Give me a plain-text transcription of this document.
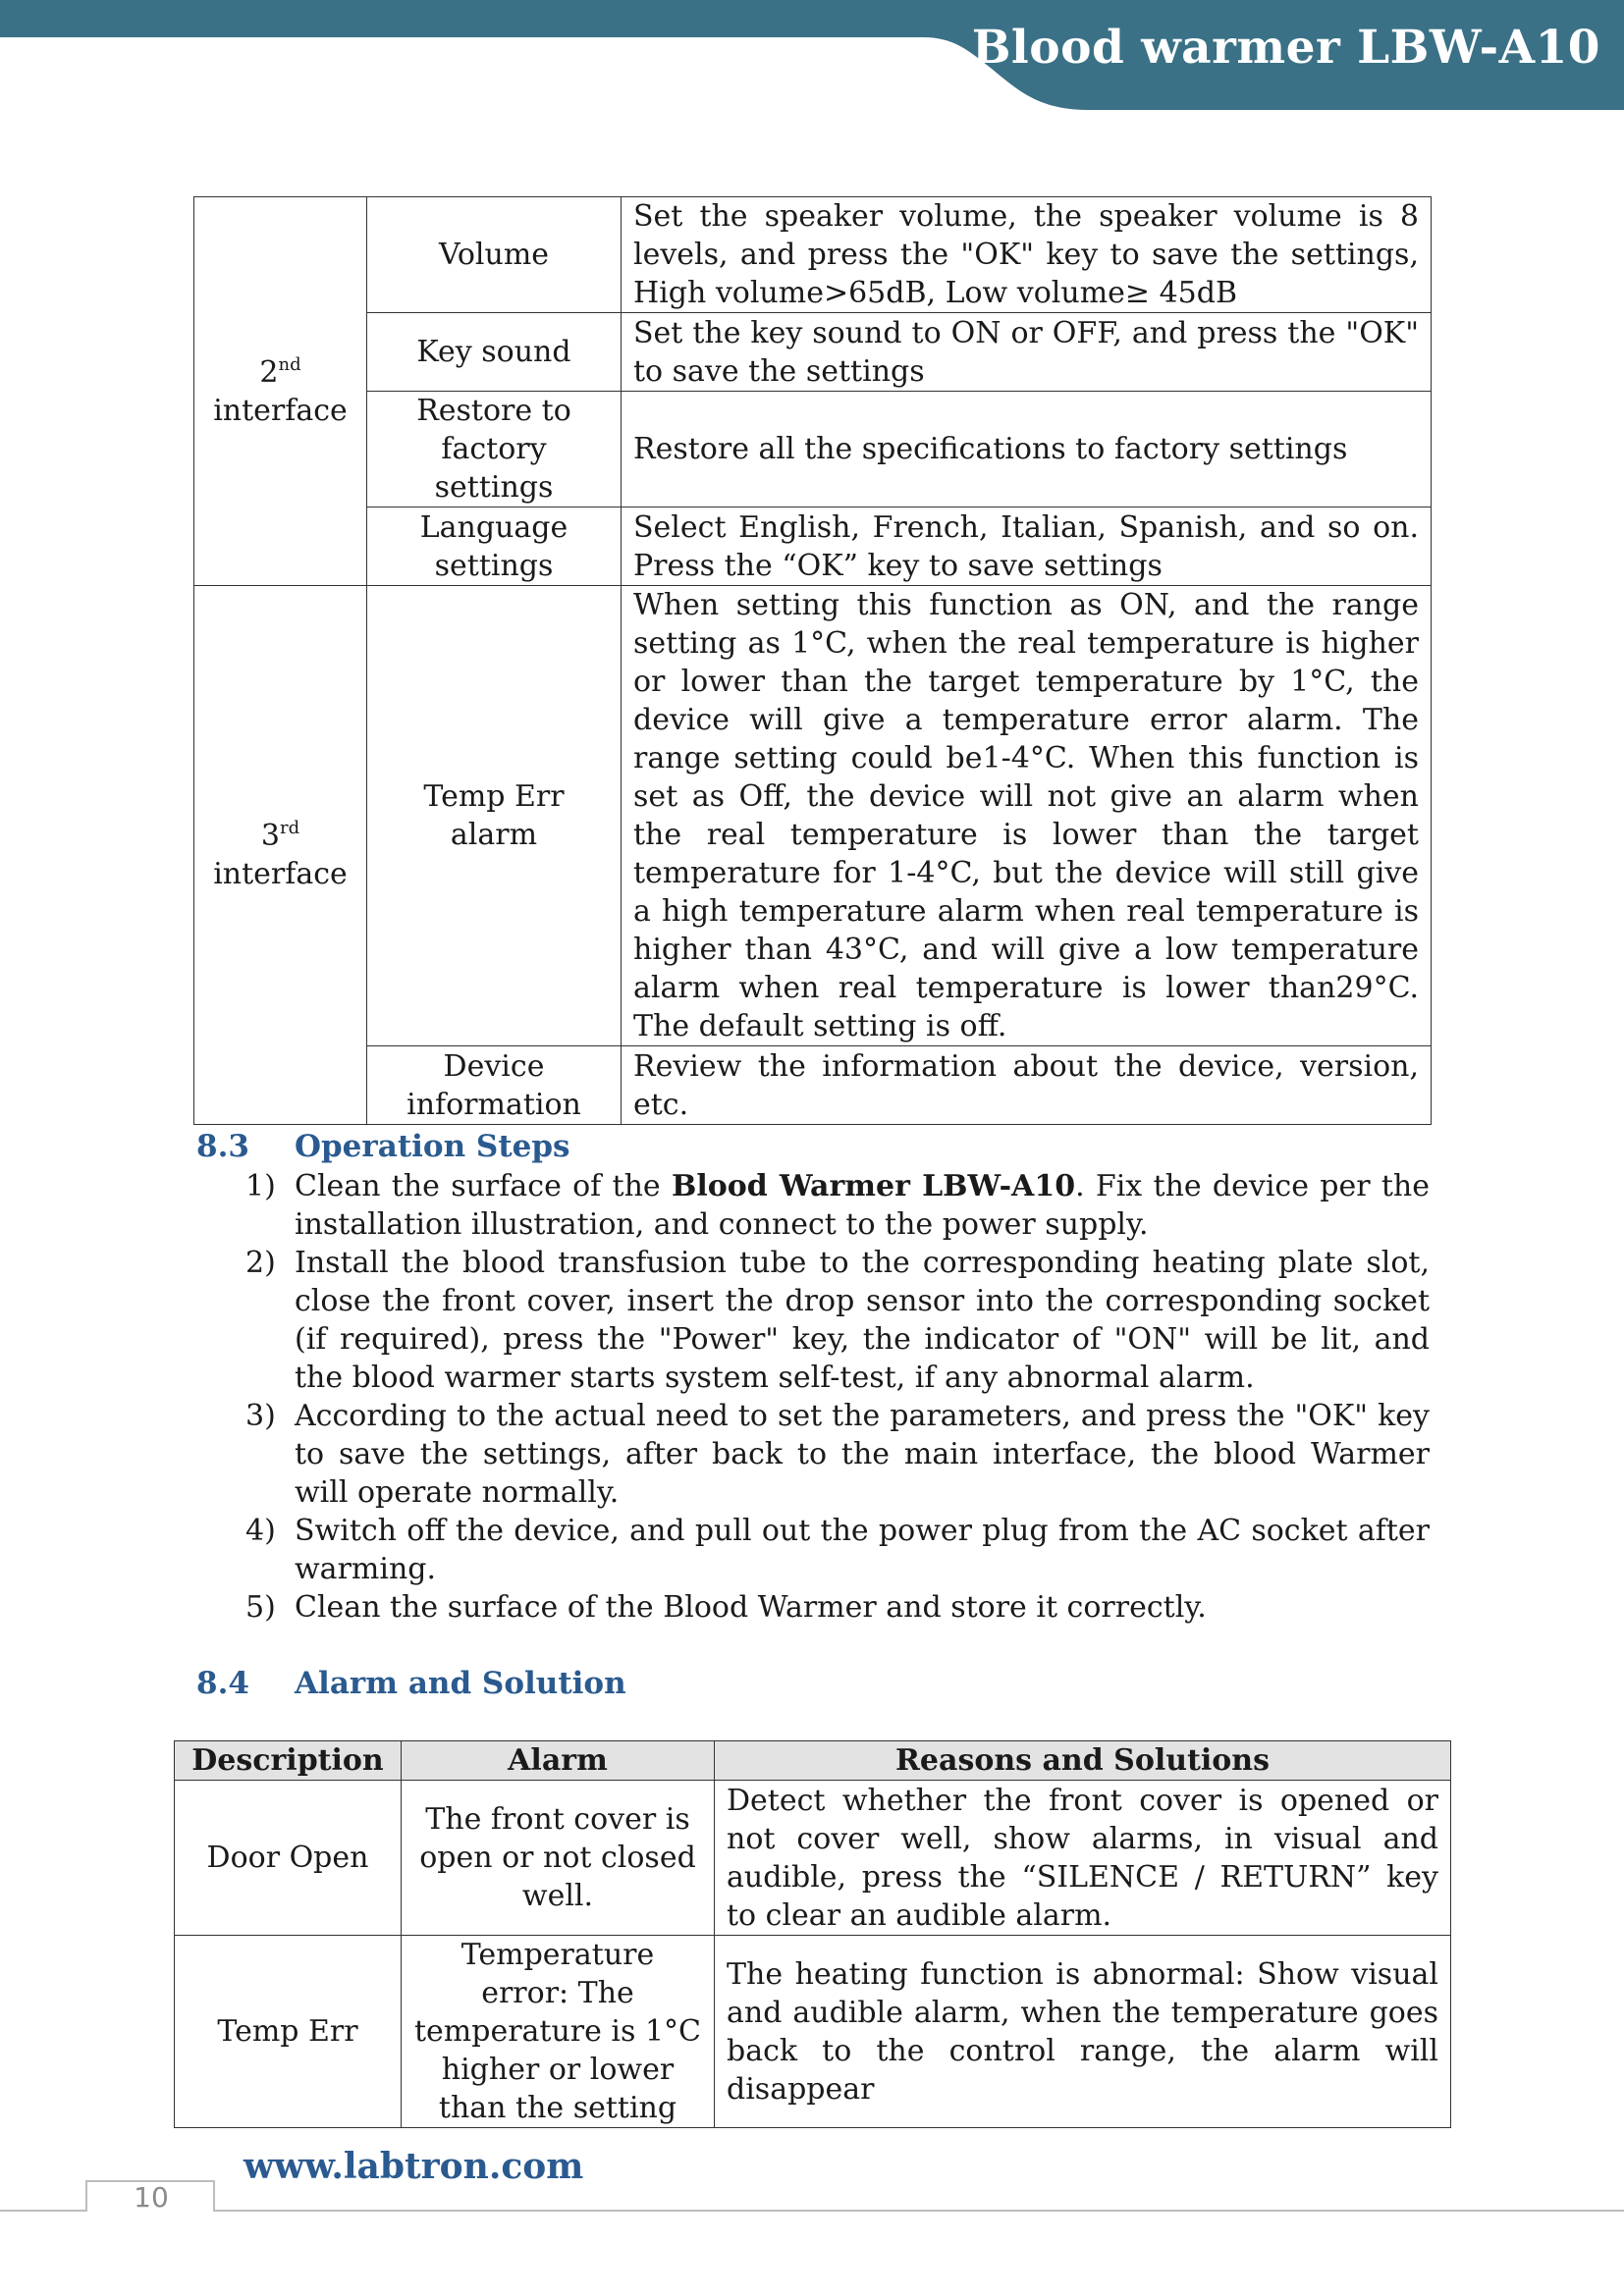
Blood warmer LBW-A10
2nd
interface	Volume	Set the speaker volume, the speaker volume is 8 levels, and press the "OK" key to save the settings, High volume>65dB, Low volume≥ 45dB
	Key sound	Set the key sound to ON or OFF, and press the "OK" to save the settings
	Restore to factory settings	Restore all the specifications to factory settings
	Language settings	Select English, French, Italian, Spanish, and so on. Press the “OK” key to save settings
3rd
interface	Temp Err alarm	When setting this function as ON, and the range setting as 1°C, when the real temperature is higher or lower than the target temperature by 1°C, the device will give a temperature error alarm. The range setting could be1-4°C. When this function is set as Off, the device will not give an alarm when the real temperature is lower than the target temperature for 1-4°C, but the device will still give a high temperature alarm when real temperature is higher than 43°C, and will give a low temperature alarm when real temperature is lower than29°C. The default setting is off.
	Device information	Review the information about the device, version, etc.
8.3 Operation Steps
1) Clean the surface of the Blood Warmer LBW-A10. Fix the device per the installation illustration, and connect to the power supply.
2) Install the blood transfusion tube to the corresponding heating plate slot, close the front cover, insert the drop sensor into the corresponding socket (if required), press the "Power" key, the indicator of "ON" will be lit, and the blood warmer starts system self-test, if any abnormal alarm.
3) According to the actual need to set the parameters, and press the "OK" key to save the settings, after back to the main interface, the blood Warmer will operate normally.
4) Switch off the device, and pull out the power plug from the AC socket after warming.
5) Clean the surface of the Blood Warmer and store it correctly.
8.4 Alarm and Solution
Description	Alarm	Reasons and Solutions
Door Open	The front cover is open or not closed well.	Detect whether the front cover is opened or not cover well, show alarms, in visual and audible, press the “SILENCE / RETURN” key to clear an audible alarm.
Temp Err	Temperature error: The temperature is 1°C higher or lower than the setting	The heating function is abnormal: Show visual and audible alarm, when the temperature goes back to the control range, the alarm will disappear
10
www.labtron.com
